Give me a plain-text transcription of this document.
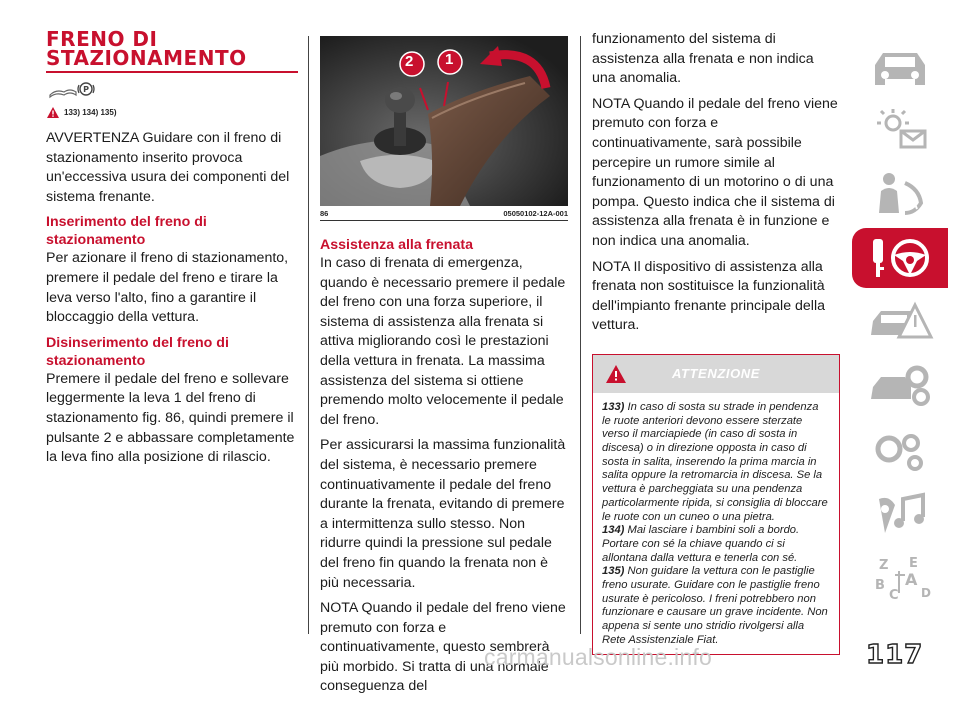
FRENO DI
STAZIONAMENTO
P
133) 134) 135)

AVVERTENZA Guidare con il freno di stazionamento inserito provoca un'eccessiva usura dei componenti del sistema frenante.

Inserimento del freno di stazionamento

Per azionare il freno di stazionamento, premere il pedale del freno e tirare la leva verso l'alto, fino a garantire il bloccaggio della vettura.

Disinserimento del freno di stazionamento

Premere il pedale del freno e sollevare leggermente la leva 1 del freno di stazionamento fig. 86, quindi premere il pulsante 2 e abbassare completamente la leva fino alla posizione di rilascio.

2 1
86	05050102-12A-001
Assistenza alla frenata

In caso di frenata di emergenza, quando è necessario premere il pedale del freno con una forza superiore, il sistema di assistenza alla frenata si attiva migliorando così le prestazioni della vettura in frenata. La massima assistenza del sistema si ottiene premendo molto velocemente il pedale del freno.

Per assicurarsi la massima funzionalità del sistema, è necessario premere continuativamente il pedale del freno durante la frenata, evitando di premere a intermittenza sullo stesso. Non ridurre quindi la pressione sul pedale del freno fin quando la frenata non è più necessaria.

NOTA Quando il pedale del freno viene premuto con forza e continuativamente, questo sembrerà più morbido. Si tratta di una normale conseguenza del

funzionamento del sistema di assistenza alla frenata e non indica una anomalia.

NOTA Quando il pedale del freno viene premuto con forza e continuativamente, sarà possibile percepire un rumore simile al funzionamento di un motorino o di una pompa. Questo indica che il sistema di assistenza alla frenata è in funzione e non indica una anomalia.

NOTA Il dispositivo di assistenza alla frenata non sostituisce la funzionalità dell'impianto frenante principale della vettura.

ATTENZIONE
133) In caso di sosta su strade in pendenza le ruote anteriori devono essere sterzate verso il marciapiede (in caso di sosta in discesa) o in direzione opposta in caso di sosta in salita, inserendo la prima marcia in salita oppure la retromarcia in discesa. Se la vettura è parcheggiata su una pendenza particolarmente ripida, si consiglia di bloccare le ruote con un cuneo o una pietra.
134) Mai lasciare i bambini soli a bordo. Portare con sé la chiave quando ci si allontana dalla vettura e tenerla con sé.
135) Non guidare la vettura con le pastiglie freno usurate. Guidare con le pastiglie freno usurate è pericoloso. I freni potrebbero non funzionare e causare un grave incidente. Non appena si sente uno stridio rivolgersi alla Rete Assistenziale Fiat.
Z E
B A
C D
117
carmanualsonline.info
